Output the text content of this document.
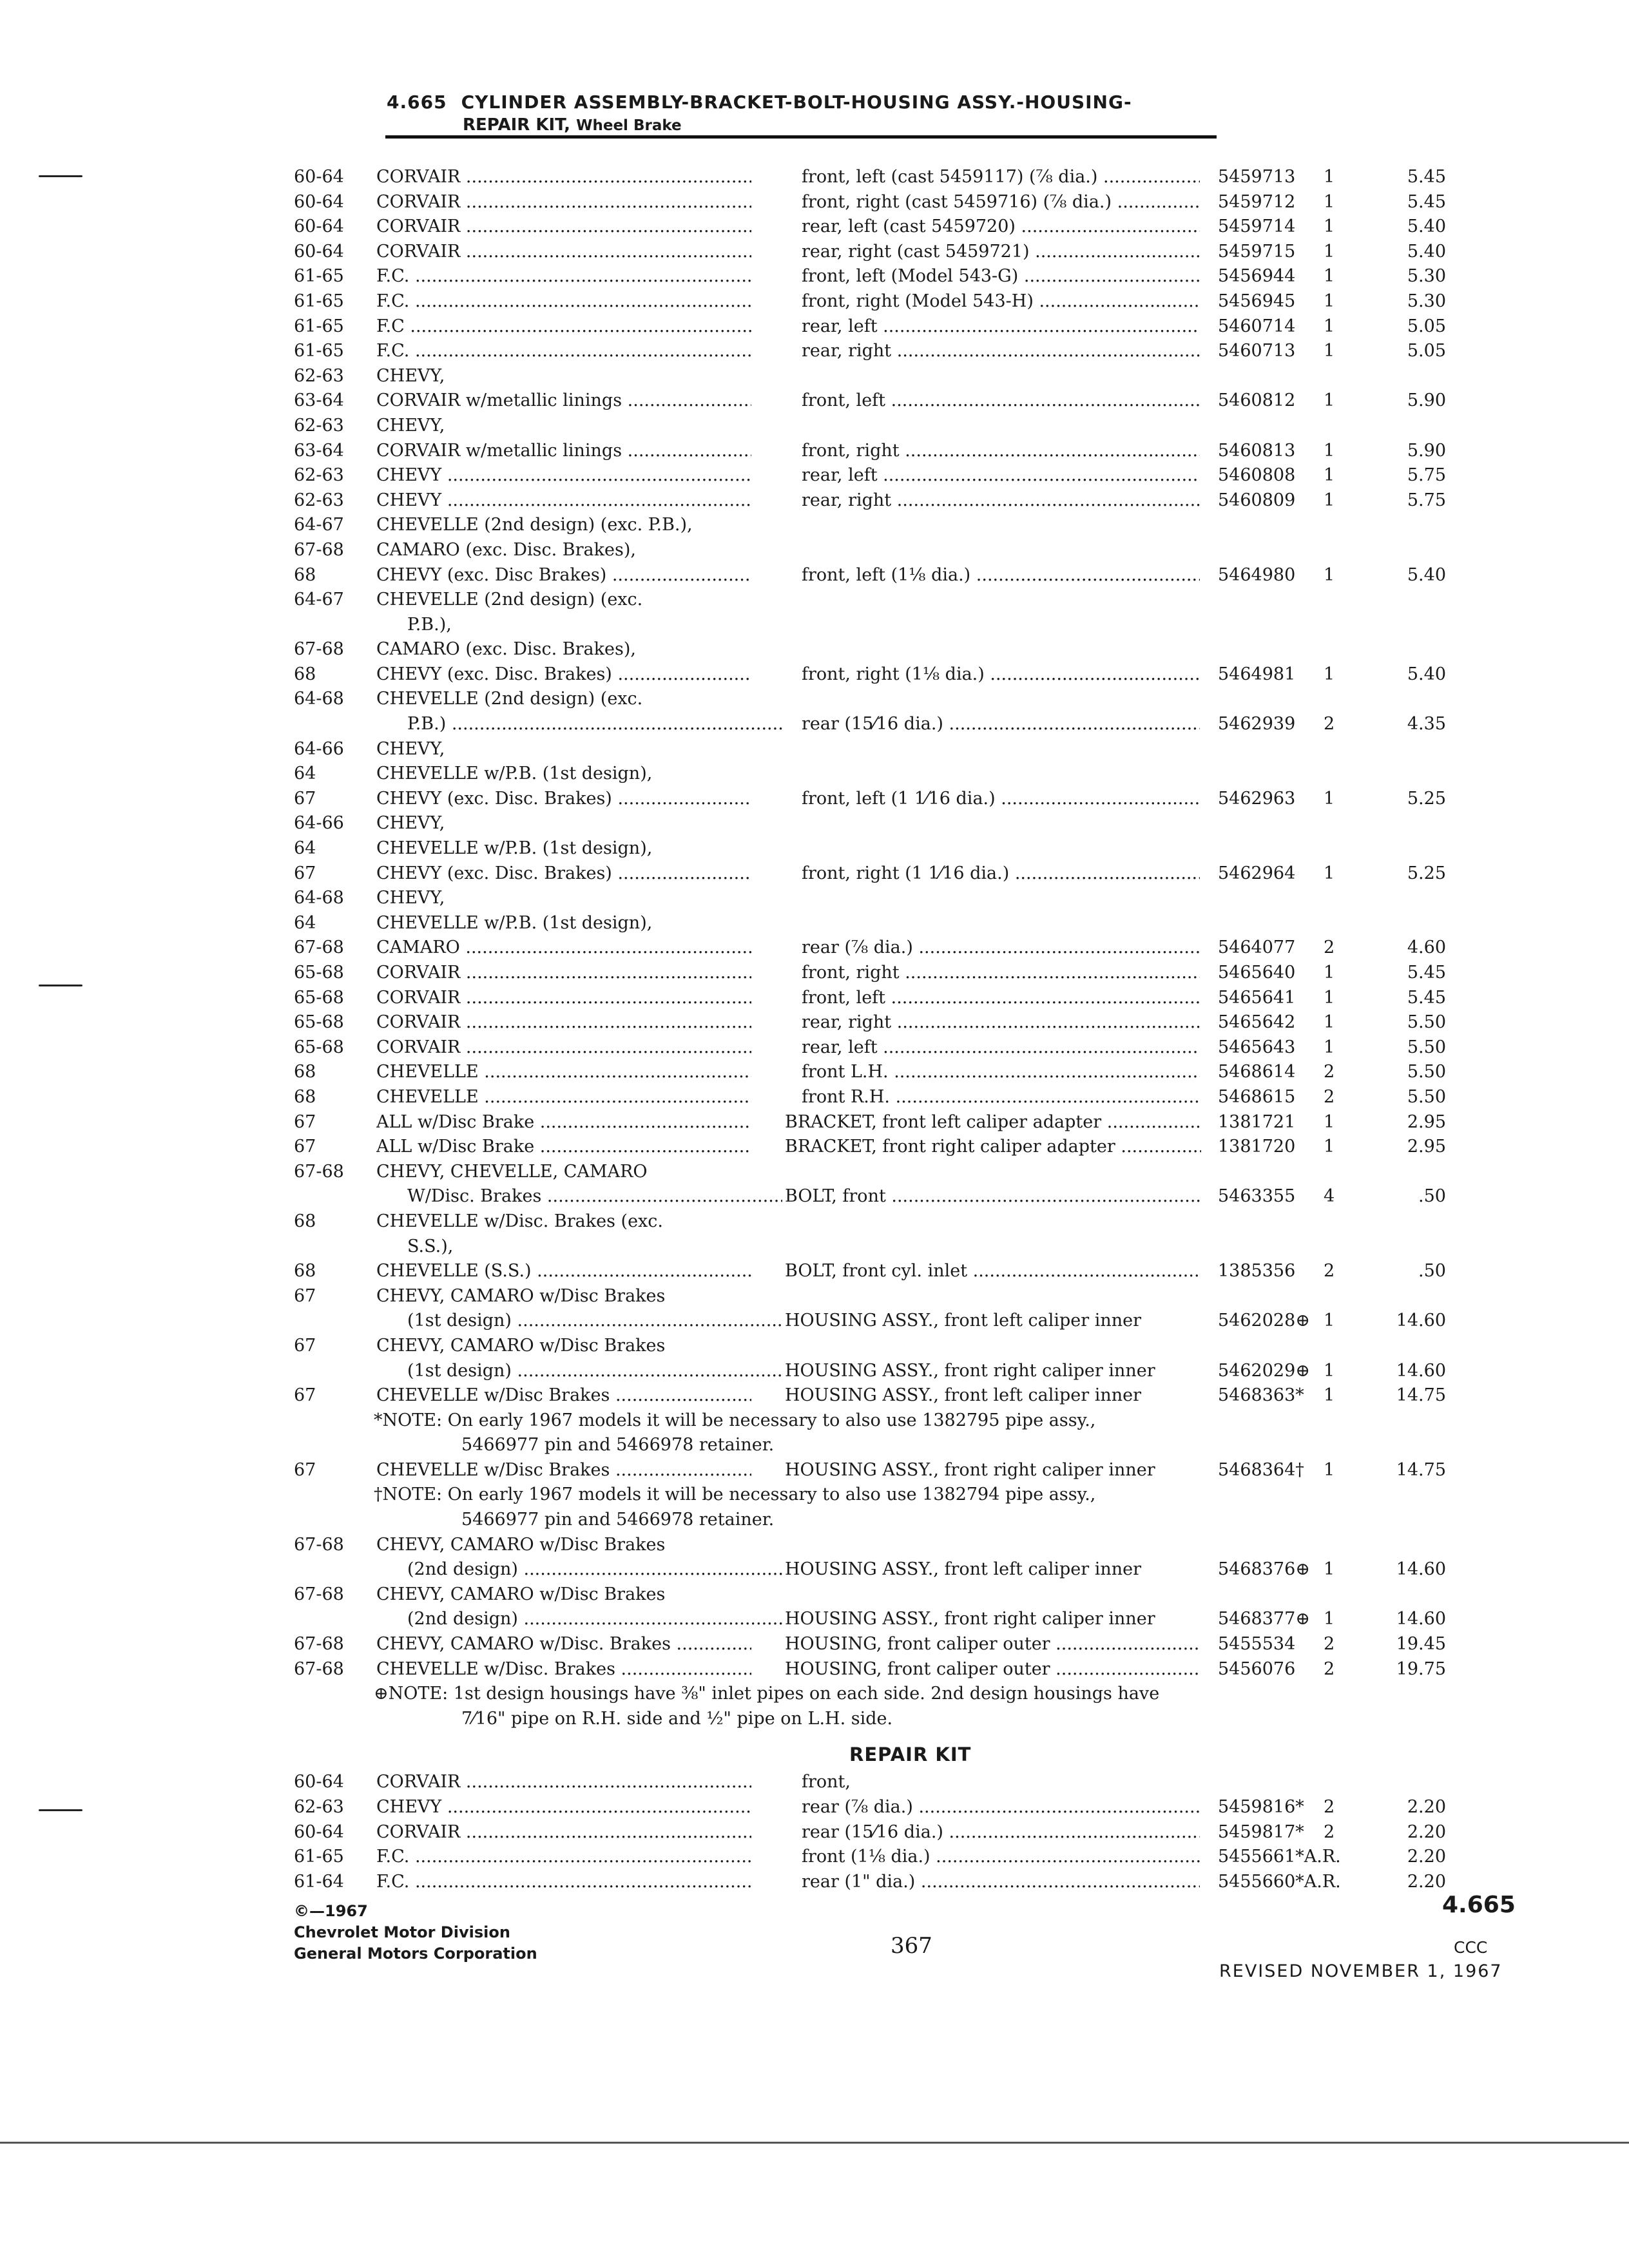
4.665 CYLINDER ASSEMBLY-BRACKET-BOLT-HOUSING ASSY.-HOUSING-
REPAIR KIT, Wheel Brake
60-64 CORVAIR .....	front, left (cast 5459117) (⅞ dia.) .....	5459713 1	5.45
60-64 CORVAIR .....	front, right (cast 5459716) (⅞ dia.) .....	5459712 1	5.45
60-64 CORVAIR .....	rear, left (cast 5459720) .....	5459714 1	5.40
60-64 CORVAIR .....	rear, right (cast 5459721) .....	5459715 1	5.40
61-65 F.C. .....	front, left (Model 543-G) .....	5456944 1	5.30
61-65 F.C. .....	front, right (Model 543-H) .....	5456945 1	5.30
61-65 F.C .....	rear, left .....	5460714 1	5.05
61-65 F.C. .....	rear, right .....	5460713 1	5.05
62-63 CHEVY,
63-64 CORVAIR w/metallic linings .....	front, left .....	5460812 1	5.90
62-63 CHEVY,
63-64 CORVAIR w/metallic linings .....	front, right .....	5460813 1	5.90
62-63 CHEVY .....	rear, left .....	5460808 1	5.75
62-63 CHEVY .....	rear, right .....	5460809 1	5.75
64-67 CHEVELLE (2nd design) (exc. P.B.),
67-68 CAMARO (exc. Disc. Brakes),
68	CHEVY (exc. Disc Brakes) .....	front, left (1⅛ dia.) .....	5464980 1	5.40
64-67 CHEVELLE (2nd design) (exc.
P.B.),
67-68 CAMARO (exc. Disc. Brakes),
68	CHEVY (exc. Disc. Brakes) .....	front, right (1⅛ dia.) .....	5464981 1	5.40
64-68 CHEVELLE (2nd design) (exc.
P.B.) .....	rear (15⁄16 dia.) .....	5462939 2	4.35
64-66 CHEVY,
64	CHEVELLE w/P.B. (1st design),
67	CHEVY (exc. Disc. Brakes) .....	front, left (1 1⁄16 dia.) .....	5462963 1	5.25
64-66 CHEVY,
64	CHEVELLE w/P.B. (1st design),
67	CHEVY (exc. Disc. Brakes) .....	front, right (1 1⁄16 dia.) .....	5462964 1	5.25
64-68 CHEVY,
64	CHEVELLE w/P.B. (1st design),
67-68 CAMARO .....	rear (⅞ dia.) .....	5464077 2	4.60
65-68 CORVAIR .....	front, right .....	5465640 1	5.45
65-68 CORVAIR .....	front, left .....	5465641 1	5.45
65-68 CORVAIR .....	rear, right .....	5465642 1	5.50
65-68 CORVAIR .....	rear, left .....	5465643 1	5.50
68	CHEVELLE .....	front L.H. .....	5468614 2	5.50
68	CHEVELLE .....	front R.H. .....	5468615 2	5.50
67	ALL w/Disc Brake .....	BRACKET, front left caliper adapter .....	1381721 1	2.95
67	ALL w/Disc Brake .....	BRACKET, front right caliper adapter .....	1381720 1	2.95
67-68 CHEVY, CHEVELLE, CAMARO
W/Disc. Brakes .....	BOLT, front .....	5463355 4	.50
68	CHEVELLE w/Disc. Brakes (exc.
S.S.),
68	CHEVELLE (S.S.) .....	BOLT, front cyl. inlet .....	1385356 2	.50
67	CHEVY, CAMARO w/Disc Brakes
(1st design) .....	HOUSING ASSY., front left caliper inner	5462028⊕ 1	14.60
67	CHEVY, CAMARO w/Disc Brakes
(1st design) .....	HOUSING ASSY., front right caliper inner	5462029⊕ 1	14.60
67	CHEVELLE w/Disc Brakes .....	HOUSING ASSY., front left caliper inner	5468363* 1	14.75
*NOTE: On early 1967 models it will be necessary to also use 1382795 pipe assy.,
5466977 pin and 5466978 retainer.
67	CHEVELLE w/Disc Brakes .....	HOUSING ASSY., front right caliper inner	5468364† 1	14.75
†NOTE: On early 1967 models it will be necessary to also use 1382794 pipe assy.,
5466977 pin and 5466978 retainer.
67-68 CHEVY, CAMARO w/Disc Brakes
(2nd design) .....	HOUSING ASSY., front left caliper inner	5468376⊕ 1	14.60
67-68 CHEVY, CAMARO w/Disc Brakes
(2nd design) .....	HOUSING ASSY., front right caliper inner	5468377⊕ 1	14.60
67-68 CHEVY, CAMARO w/Disc. Brakes .....	HOUSING, front caliper outer .....	5455534 2	19.45
67-68 CHEVELLE w/Disc. Brakes .....	HOUSING, front caliper outer .....	5456076 2	19.75
⊕NOTE: 1st design housings have ⅜" inlet pipes on each side. 2nd design housings have
7⁄16" pipe on R.H. side and ½" pipe on L.H. side.
REPAIR KIT
60-64 CORVAIR .....	front,
62-63 CHEVY .....	rear (⅞ dia.) .....	5459816* 2	2.20
60-64 CORVAIR .....	rear (15⁄16 dia.) .....	5459817* 2	2.20
61-65 F.C. .....	front (1⅛ dia.) .....	5455661*A.R.	2.20
61-64 F.C. .....	rear (1" dia.) .....	5455660*A.R.	2.20
©—1967
Chevrolet Motor Division
General Motors Corporation	367
4.665
CCC
REVISED NOVEMBER 1, 1967
